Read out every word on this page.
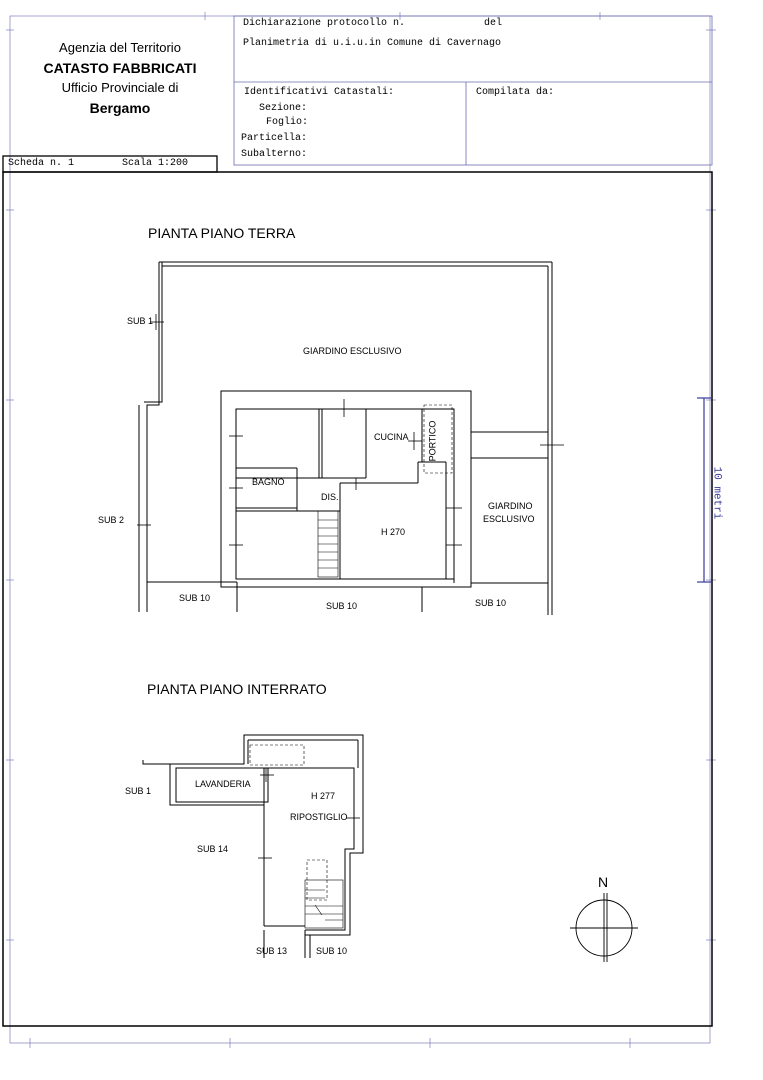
Agenzia del Territorio
CATASTO FABBRICATI
Ufficio Provinciale di
Bergamo
Dichiarazione protocollo n.	del
Planimetria di u.i.u.in Comune di Cavernago
Identificativi Catastali:
Sezione:
Foglio:
Particella:
Subalterno:
Compilata da:
Scheda n. 1	Scala 1:200
PIANTA PIANO TERRA
SUB 1
SUB 2
GIARDINO ESCLUSIVO
CUCINA PORTICO
BAGNO
DIS.
H 270
GIARDINO
ESCLUSIVO
SUB 10
SUB 10	SUB 10
PIANTA PIANO INTERRATO
SUB 1
LAVANDERIA
H 277
RIPOSTIGLIO
SUB 14
SUB 13	SUB 10
10 metri
N
